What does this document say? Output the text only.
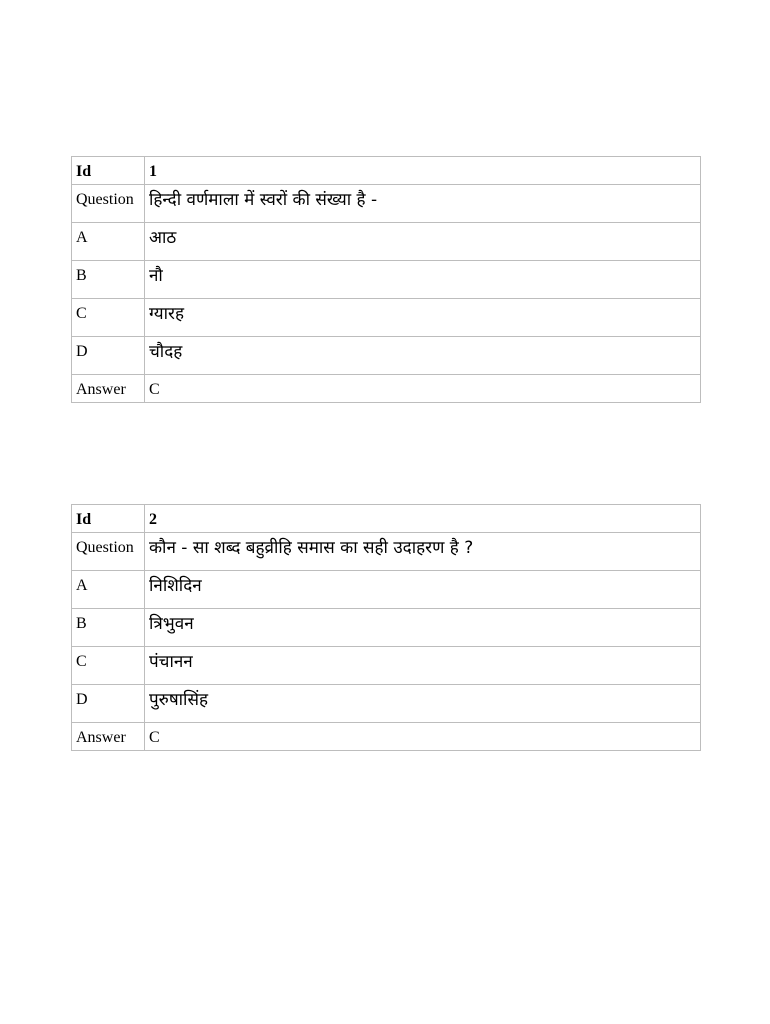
Id	1
Question	हिन्दी वर्णमाला में स्वरों की संख्या है -
A	आठ
B	नौ
C	ग्यारह
D	चौदह
Answer	C
Id	2
Question	कौन - सा शब्द बहुव्रीहि समास का सही उदाहरण है ?
A	निशिदिन
B	त्रिभुवन
C	पंचानन
D	पुरुषासिंह
Answer	C
